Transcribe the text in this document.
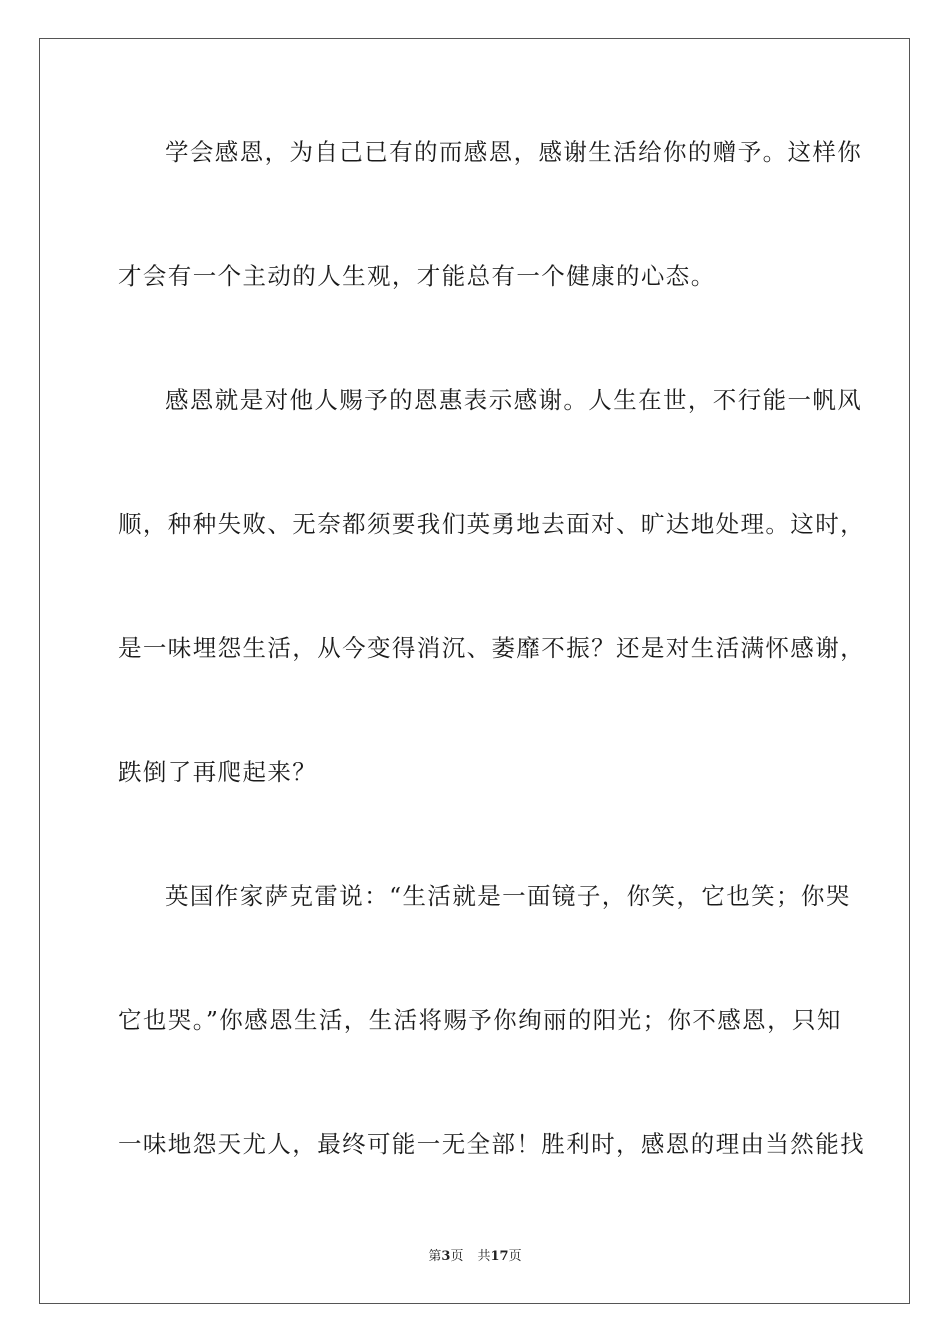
学会感恩，为自己已有的而感恩，感谢生活给你的赠予。这样你
才会有一个主动的人生观，才能总有一个健康的心态。
感恩就是对他人赐予的恩惠表示感谢。人生在世，不行能一帆风
顺，种种失败、无奈都须要我们英勇地去面对、旷达地处理。这时，
是一味埋怨生活，从今变得消沉、萎靡不振？还是对生活满怀感谢，
跌倒了再爬起来？
英国作家萨克雷说：“生活就是一面镜子，你笑，它也笑；你哭
它也哭。”你感恩生活，生活将赐予你绚丽的阳光；你不感恩，只知
一味地怨天尤人，最终可能一无全部！胜利时，感恩的理由当然能找
第3页 共17页
